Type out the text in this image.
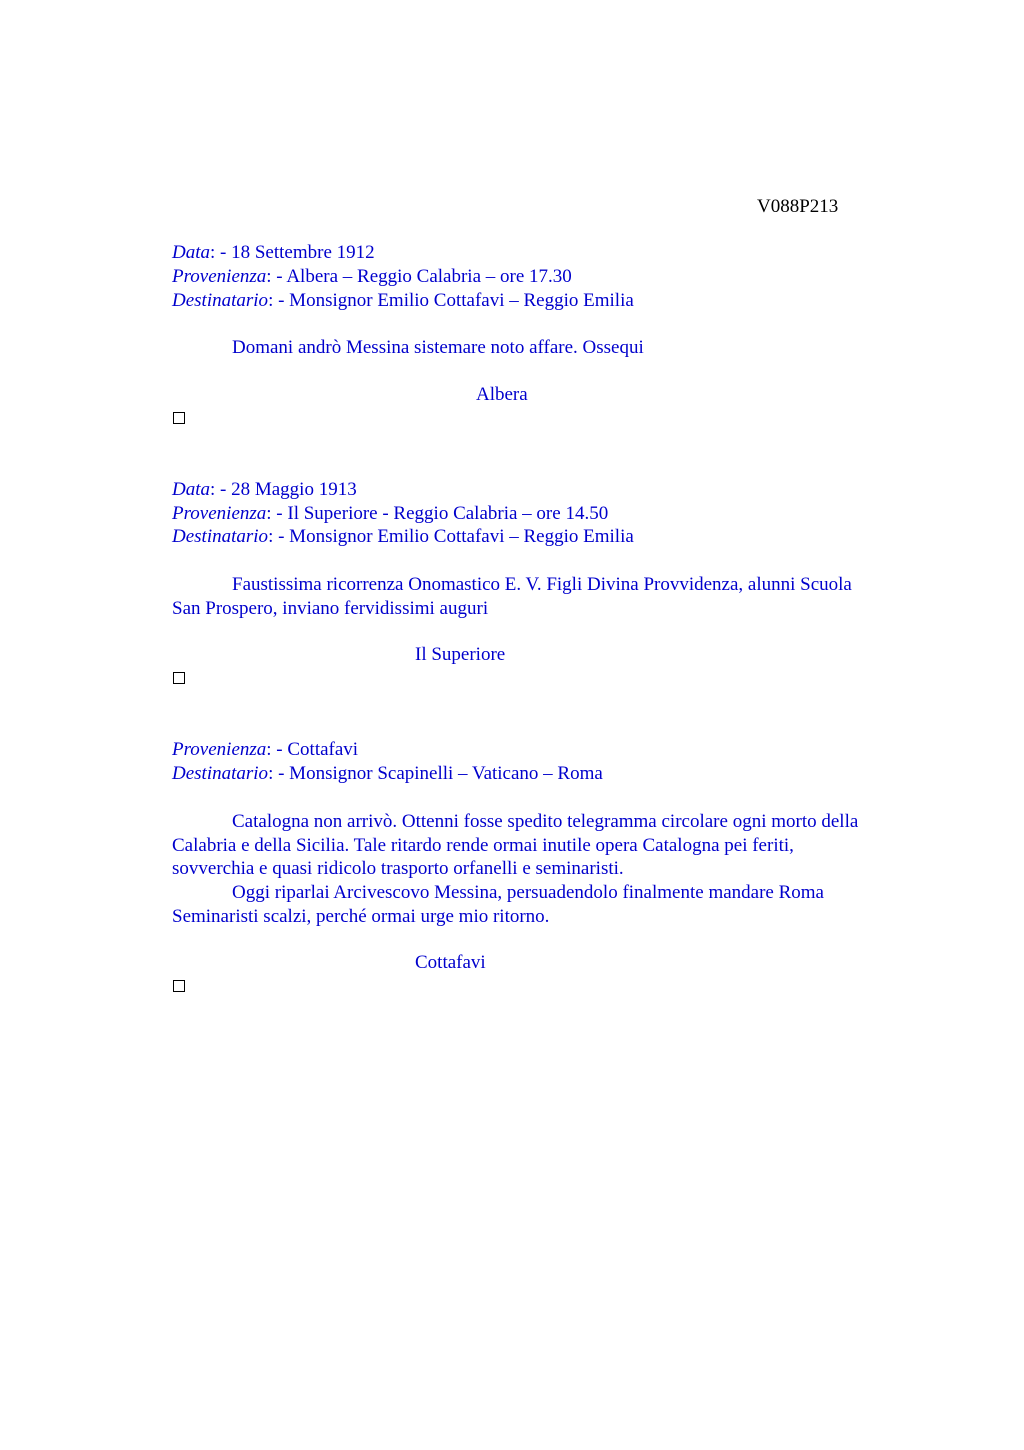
V088P213
Data: - 18 Settembre 1912
Provenienza: - Albera – Reggio Calabria – ore 17.30
Destinatario: - Monsignor Emilio Cottafavi – Reggio Emilia
Domani andrò Messina sistemare noto affare. Ossequi
Albera
Data: - 28 Maggio 1913
Provenienza: - Il Superiore - Reggio Calabria – ore 14.50
Destinatario: - Monsignor Emilio Cottafavi – Reggio Emilia
Faustissima ricorrenza Onomastico E. V. Figli Divina Provvidenza, alunni Scuola
San Prospero, inviano fervidissimi auguri
Il Superiore
Provenienza: - Cottafavi
Destinatario: - Monsignor Scapinelli – Vaticano – Roma
Catalogna non arrivò. Ottenni fosse spedito telegramma circolare ogni morto della
Calabria e della Sicilia. Tale ritardo rende ormai inutile opera Catalogna pei feriti,
sovverchia e quasi ridicolo trasporto orfanelli e seminaristi.
Oggi riparlai Arcivescovo Messina, persuadendolo finalmente mandare Roma
Seminaristi scalzi, perché ormai urge mio ritorno.
Cottafavi
